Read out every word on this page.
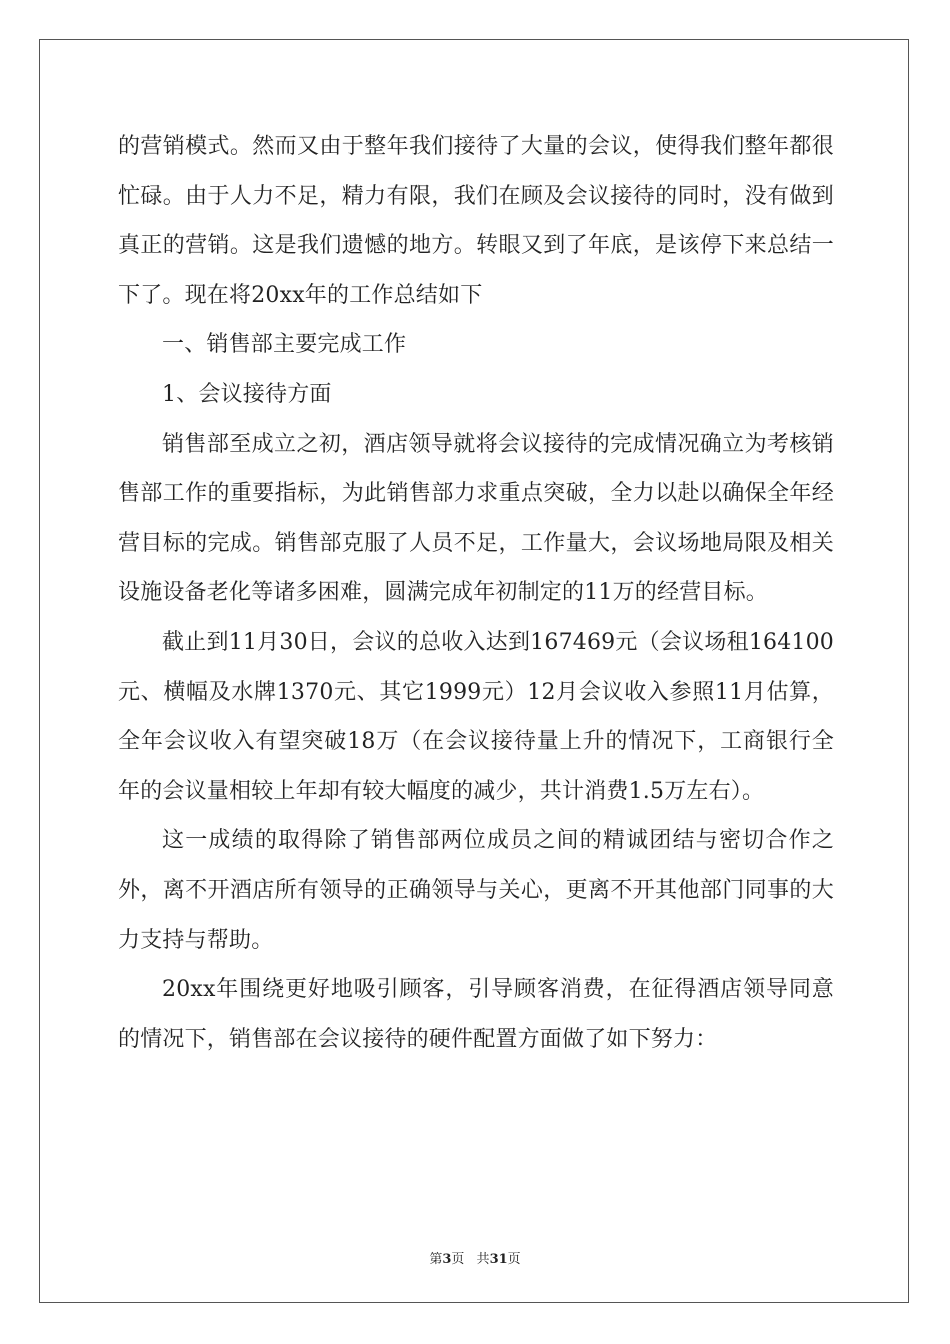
的营销模式。然而又由于整年我们接待了大量的会议，使得我们整年都很忙碌。由于人力不足，精力有限，我们在顾及会议接待的同时，没有做到真正的营销。这是我们遗憾的地方。转眼又到了年底，是该停下来总结一下了。现在将20xx年的工作总结如下

一、销售部主要完成工作

1、会议接待方面

销售部至成立之初，酒店领导就将会议接待的完成情况确立为考核销售部工作的重要指标，为此销售部力求重点突破，全力以赴以确保全年经营目标的完成。销售部克服了人员不足，工作量大，会议场地局限及相关设施设备老化等诸多困难，圆满完成年初制定的11万的经营目标。

截止到11月30日，会议的总收入达到167469元（会议场租164100元、横幅及水牌1370元、其它1999元）12月会议收入参照11月估算，全年会议收入有望突破18万（在会议接待量上升的情况下，工商银行全年的会议量相较上年却有较大幅度的减少，共计消费1.5万左右）。

这一成绩的取得除了销售部两位成员之间的精诚团结与密切合作之外，离不开酒店所有领导的正确领导与关心，更离不开其他部门同事的大力支持与帮助。

20xx年围绕更好地吸引顾客，引导顾客消费，在征得酒店领导同意的情况下，销售部在会议接待的硬件配置方面做了如下努力：

第3页 共31页
